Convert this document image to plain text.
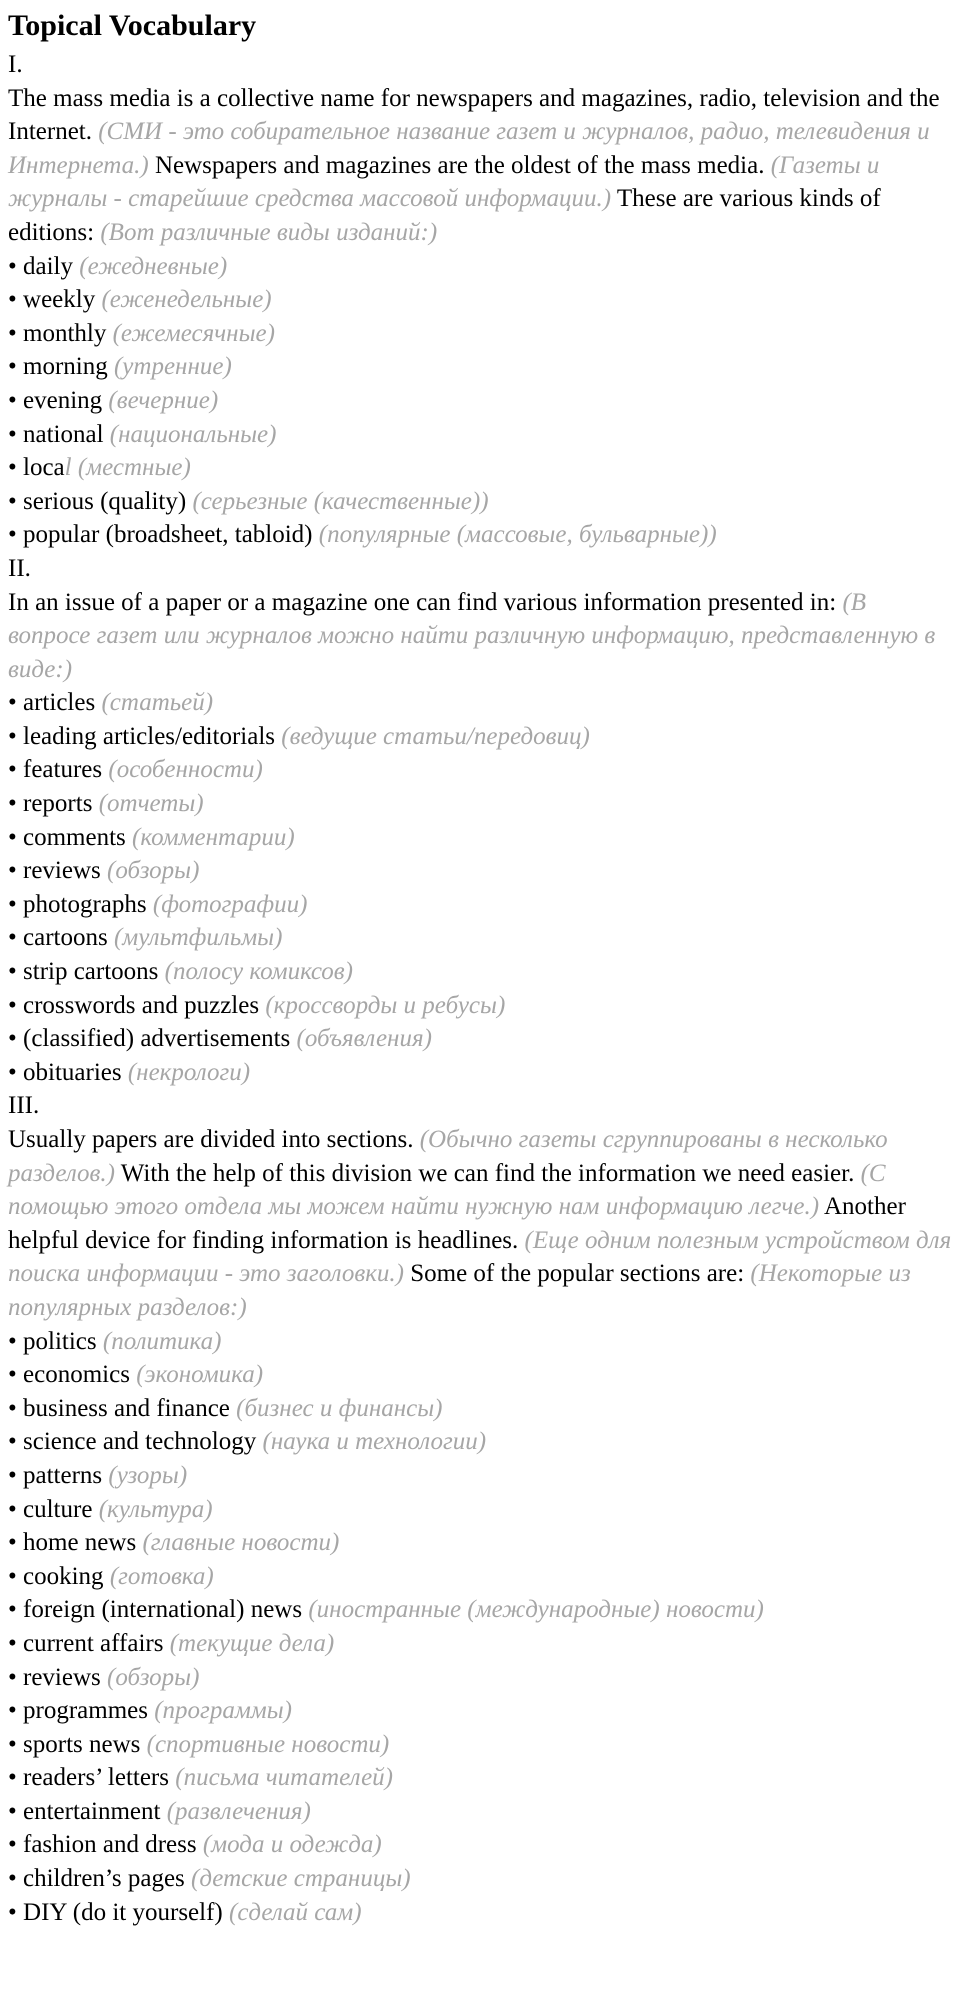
Topical Vocabulary
I.

The mass media is a collective name for newspapers and magazines, radio, television and the Internet. (СМИ - это собирательное название газет и журналов, радио, телевидения и Интернета.) Newspapers and magazines are the oldest of the mass media. (Газеты и журналы - старейшие средства массовой информации.) These are various kinds of editions: (Вот различные виды изданий:)

• daily (ежедневные)
• weekly (еженедельные)
• monthly (ежемесячные)
• morning (утренние)
• evening (вечерние)
• national (национальные)
• local (местные)
• serious (quality) (серьезные (качественные))
• popular (broadsheet, tabloid) (популярные (массовые, бульварные))
II.

In an issue of a paper or a magazine one can find various information presented in: (В вопросе газет или журналов можно найти различную информацию, представленную в виде:)

• articles (статьей)
• leading articles/editorials (ведущие статьи/передовиц)
• features (особенности)
• reports (отчеты)
• comments (комментарии)
• reviews (обзоры)
• photographs (фотографии)
• cartoons (мультфильмы)
• strip cartoons (полосу комиксов)
• crosswords and puzzles (кроссворды и ребусы)
• (classified) advertisements (объявления)
• obituaries (некрологи)
III.

Usually papers are divided into sections. (Обычно газеты сгруппированы в несколько разделов.) With the help of this division we can find the information we need easier. (С помощью этого отдела мы можем найти нужную нам информацию легче.) Another helpful device for finding information is headlines. (Еще одним полезным устройством для поиска информации - это заголовки.) Some of the popular sections are: (Некоторые из популярных разделов:)

• politics (политика)
• economics (экономика)
• business and finance (бизнес и финансы)
• science and technology (наука и технологии)
• patterns (узоры)
• culture (культура)
• home news (главные новости)
• cooking (готовка)
• foreign (international) news (иностранные (международные) новости)
• current affairs (текущие дела)
• reviews (обзоры)
• programmes (программы)
• sports news (спортивные новости)
• readers’ letters (письма читателей)
• entertainment (развлечения)
• fashion and dress (мода и одежда)
• children’s pages (детские страницы)
• DIY (do it yourself) (сделай сам)
